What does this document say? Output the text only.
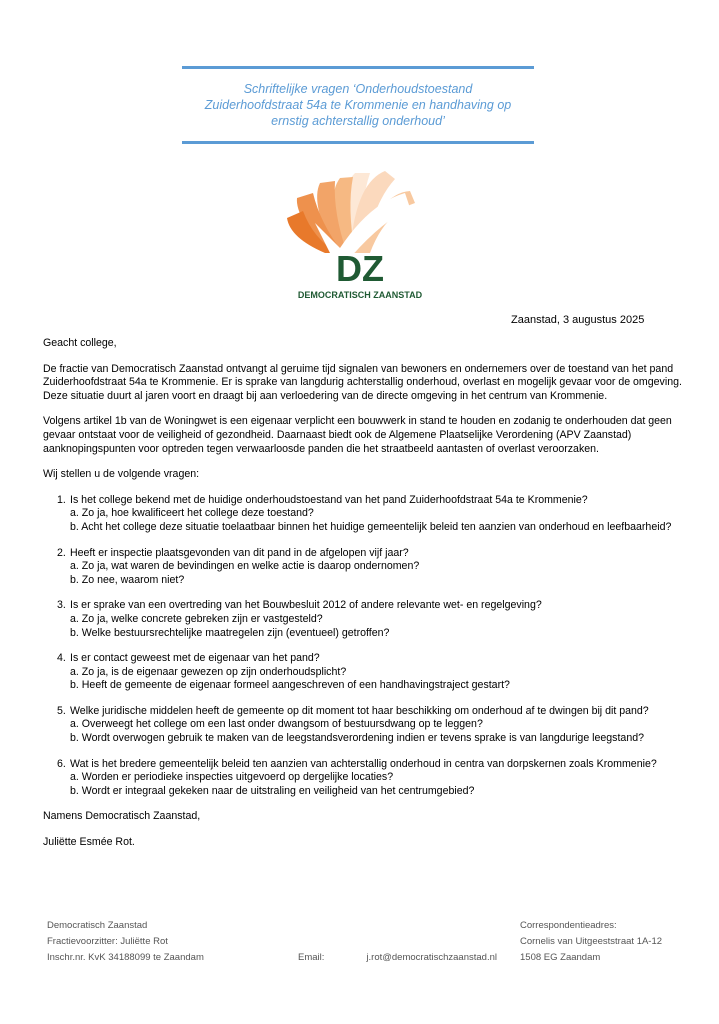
Schriftelijke vragen ‘Onderhoudstoestand
Zuiderhoofdstraat 54a te Krommenie en handhaving op
ernstig achterstallig onderhoud’
DZ
DEMOCRATISCH ZAANSTAD
Zaanstad, 3 augustus 2025

Geacht college,

De fractie van Democratisch Zaanstad ontvangt al geruime tijd signalen van bewoners en ondernemers over de toestand van het pand Zuiderhoofdstraat 54a te Krommenie. Er is sprake van langdurig achterstallig onderhoud, overlast en mogelijk gevaar voor de omgeving. Deze situatie duurt al jaren voort en draagt bij aan verloedering van de directe omgeving in het centrum van Krommenie.

Volgens artikel 1b van de Woningwet is een eigenaar verplicht een bouwwerk in stand te houden en zodanig te onderhouden dat geen gevaar ontstaat voor de veiligheid of gezondheid. Daarnaast biedt ook de Algemene Plaatselijke Verordening (APV Zaanstad) aanknopingspunten voor optreden tegen verwaarloosde panden die het straatbeeld aantasten of overlast veroorzaken.

Wij stellen u de volgende vragen:

1. Is het college bekend met de huidige onderhoudstoestand van het pand Zuiderhoofdstraat 54a te Krommenie?
a. Zo ja, hoe kwalificeert het college deze toestand?
b. Acht het college deze situatie toelaatbaar binnen het huidige gemeentelijk beleid ten aanzien van onderhoud en leefbaarheid?
2. Heeft er inspectie plaatsgevonden van dit pand in de afgelopen vijf jaar?
a. Zo ja, wat waren de bevindingen en welke actie is daarop ondernomen?
b. Zo nee, waarom niet?
3. Is er sprake van een overtreding van het Bouwbesluit 2012 of andere relevante wet- en regelgeving?
a. Zo ja, welke concrete gebreken zijn er vastgesteld?
b. Welke bestuursrechtelijke maatregelen zijn (eventueel) getroffen?
4. Is er contact geweest met de eigenaar van het pand?
a. Zo ja, is de eigenaar gewezen op zijn onderhoudsplicht?
b. Heeft de gemeente de eigenaar formeel aangeschreven of een handhavingstraject gestart?
5. Welke juridische middelen heeft de gemeente op dit moment tot haar beschikking om onderhoud af te dwingen bij dit pand?
a. Overweegt het college om een last onder dwangsom of bestuursdwang op te leggen?
b. Wordt overwogen gebruik te maken van de leegstandsverordening indien er tevens sprake is van langdurige leegstand?
6. Wat is het bredere gemeentelijk beleid ten aanzien van achterstallig onderhoud in centra van dorpskernen zoals Krommenie?
a. Worden er periodieke inspecties uitgevoerd op dergelijke locaties?
b. Wordt er integraal gekeken naar de uitstraling en veiligheid van het centrumgebied?

Namens Democratisch Zaanstad,

Juliëtte Esmée Rot.

Democratisch Zaanstad
Fractievoorzitter: Juliëtte Rot
Inschr.nr. KvK 34188099 te Zaandam	Email:	j.rot@democratischzaanstad.nl
Correspondentieadres:
Cornelis van Uitgeeststraat 1A-12
1508 EG Zaandam
